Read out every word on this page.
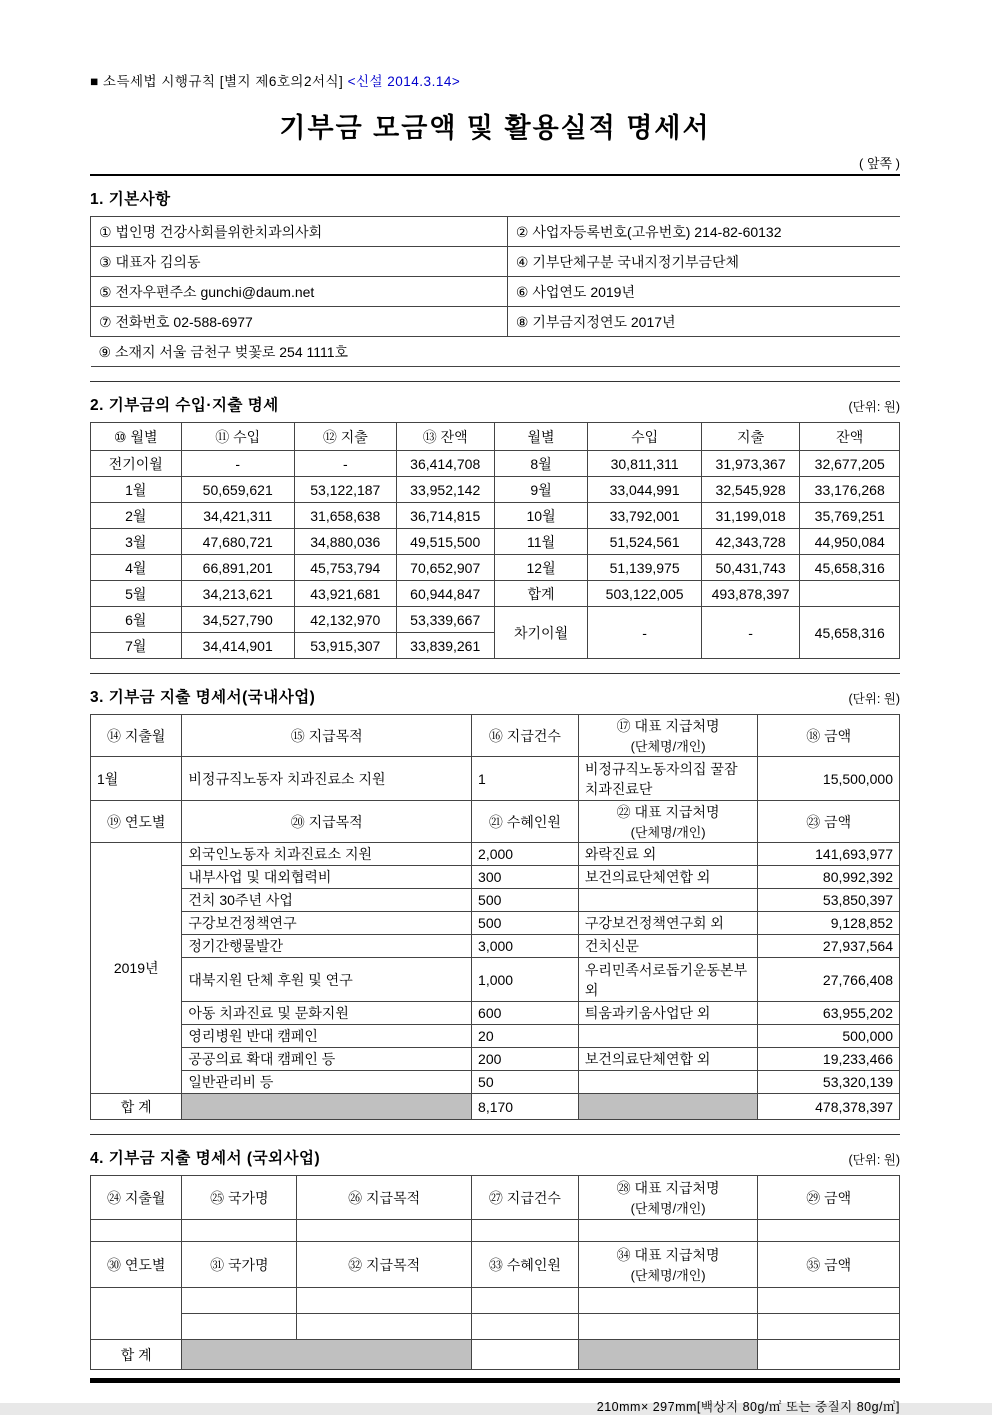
■ 소득세법 시행규칙 [별지 제6호의2서식] <신설 2014.3.14>
기부금 모금액 및 활용실적 명세서
( 앞쪽 )
1. 기본사항
① 법인명 건강사회를위한치과의사회	② 사업자등록번호(고유번호) 214-82-60132
③ 대표자 김의동	④ 기부단체구분 국내지정기부금단체
⑤ 전자우편주소 gunchi@daum.net	⑥ 사업연도 2019년
⑦ 전화번호 02-588-6977	⑧ 기부금지정연도 2017년
⑨ 소재지 서울 금천구 벚꽃로 254 1111호	
2. 기부금의 수입·지출 명세	(단위: 원)
⑩ 월별	⑪ 수입	⑫ 지출	⑬ 잔액	월별	수입	지출	잔액
전기이월	-	-	36,414,708	8월	30,811,311	31,973,367	32,677,205
1월	50,659,621	53,122,187	33,952,142	9월	33,044,991	32,545,928	33,176,268
2월	34,421,311	31,658,638	36,714,815	10월	33,792,001	31,199,018	35,769,251
3월	47,680,721	34,880,036	49,515,500	11월	51,524,561	42,343,728	44,950,084
4월	66,891,201	45,753,794	70,652,907	12월	51,139,975	50,431,743	45,658,316
5월	34,213,621	43,921,681	60,944,847	합계	503,122,005	493,878,397	
6월	34,527,790	42,132,970	53,339,667	차기이월	-	-	45,658,316
7월	34,414,901	53,915,307	33,839,261				
3. 기부금 지출 명세서(국내사업)	(단위: 원)
⑭ 지출월	⑮ 지급목적	⑯ 지급건수	⑰ 대표 지급처명
(단체명/개인)	⑱ 금액
1월	비정규직노동자 치과진료소 지원	1	비정규직노동자의집 꿀잠 치과진료단	15,500,000
⑲ 연도별	⑳ 지급목적	㉑ 수혜인원	㉒ 대표 지급처명
(단체명/개인)	㉓ 금액
2019년	외국인노동자 치과진료소 지원	2,000	와락진료 외	141,693,977
	내부사업 및 대외협력비	300	보건의료단체연합 외	80,992,392
	건치 30주년 사업	500		53,850,397
	구강보건정책연구	500	구강보건정책연구회 외	9,128,852
	정기간행물발간	3,000	건치신문	27,937,564
	대북지원 단체 후원 및 연구	1,000	우리민족서로돕기운동본부 외	27,766,408
	아동 치과진료 및 문화지원	600	틔움과키움사업단 외	63,955,202
	영리병원 반대 캠페인	20		500,000
	공공의료 확대 캠페인 등	200	보건의료단체연합 외	19,233,466
	일반관리비 등	50		53,320,139
합 계		8,170		478,378,397
4. 기부금 지출 명세서 (국외사업)	(단위: 원)
㉔ 지출월	㉕ 국가명	㉖ 지급목적	㉗ 지급건수	㉘ 대표 지급처명
(단체명/개인)	㉙ 금액

㉚ 연도별	㉛ 국가명	㉜ 지급목적	㉝ 수혜인원	㉞ 대표 지급처명
(단체명/개인)	㉟ 금액

합 계					
210mm× 297mm[백상지 80g/㎡ 또는 중질지 80g/㎡]
